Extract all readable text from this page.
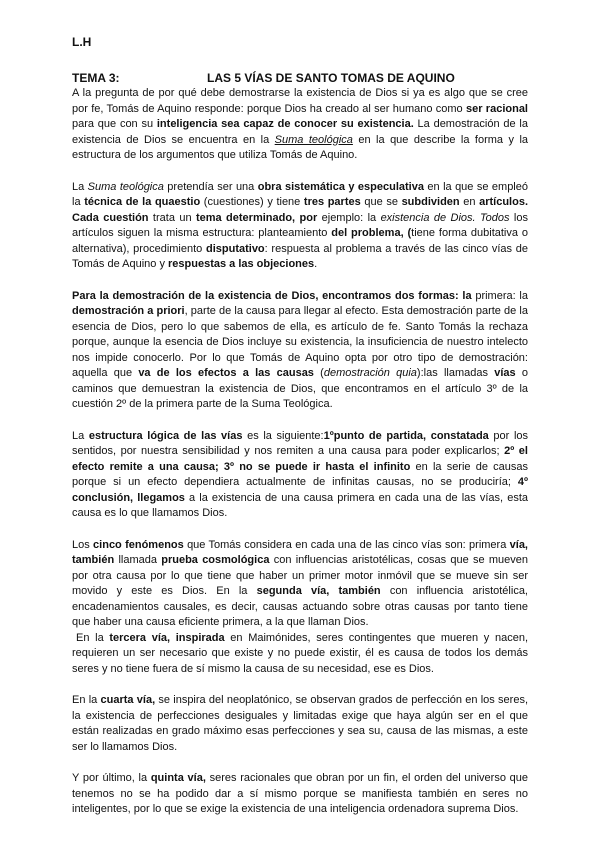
L.H

TEMA 3:	LAS 5 VÍAS DE SANTO TOMAS DE AQUINO

A la pregunta de por qué debe demostrarse la existencia de Dios si ya es algo que se cree por fe, Tomás de Aquino responde: porque Dios ha creado al ser humano como ser racional para que con su inteligencia sea capaz de conocer su existencia. La demostración de la existencia de Dios se encuentra en la Suma teológica en la que describe la forma y la estructura de los argumentos que utiliza Tomás de Aquino.

La Suma teológica pretendía ser una obra sistemática y especulativa en la que se empleó la técnica de la quaestio (cuestiones) y tiene tres partes que se subdividen en artículos. Cada cuestión trata un tema determinado, por ejemplo: la existencia de Dios. Todos los artículos siguen la misma estructura: planteamiento del problema, (tiene forma dubitativa o alternativa), procedimiento disputativo: respuesta al problema a través de las cinco vías de Tomás de Aquino y respuestas a las objeciones.

Para la demostración de la existencia de Dios, encontramos dos formas: la primera: la demostración a priori, parte de la causa para llegar al efecto. Esta demostración parte de la esencia de Dios, pero lo que sabemos de ella, es artículo de fe. Santo Tomás la rechaza porque, aunque la esencia de Dios incluye su existencia, la insuficiencia de nuestro intelecto nos impide conocerlo. Por lo que Tomás de Aquino opta por otro tipo de demostración: aquella que va de los efectos a las causas (demostración quia):las llamadas vías o caminos que demuestran la existencia de Dios, que encontramos en el artículo 3º de la cuestión 2º de la primera parte de la Suma Teológica.

La estructura lógica de las vías es la siguiente:1ºpunto de partida, constatada por los sentidos, por nuestra sensibilidad y nos remiten a una causa para poder explicarlos; 2º el efecto remite a una causa; 3º no se puede ir hasta el infinito en la serie de causas porque si un efecto dependiera actualmente de infinitas causas, no se produciría; 4º conclusión, llegamos a la existencia de una causa primera en cada una de las vías, esta causa es lo que llamamos Dios.

Los cinco fenómenos que Tomás considera en cada una de las cinco vías son: primera vía, también llamada prueba cosmológica con influencias aristotélicas, cosas que se mueven por otra causa por lo que tiene que haber un primer motor inmóvil que se mueve sin ser movido y este es Dios. En la segunda vía, también con influencia aristotélica, encadenamientos causales, es decir, causas actuando sobre otras causas por tanto tiene que haber una causa eficiente primera, a la que llaman Dios.

En la tercera vía, inspirada en Maimónides, seres contingentes que mueren y nacen, requieren un ser necesario que existe y no puede existir, él es causa de todos los demás seres y no tiene fuera de sí mismo la causa de su necesidad, ese es Dios.

En la cuarta vía, se inspira del neoplatónico, se observan grados de perfección en los seres, la existencia de perfecciones desiguales y limitadas exige que haya algún ser en el que están realizadas en grado máximo esas perfecciones y sea su, causa de las mismas, a este ser lo llamamos Dios.

Y por último, la quinta vía, seres racionales que obran por un fin, el orden del universo que tenemos no se ha podido dar a sí mismo porque se manifiesta también en seres no inteligentes, por lo que se exige la existencia de una inteligencia ordenadora suprema Dios.
